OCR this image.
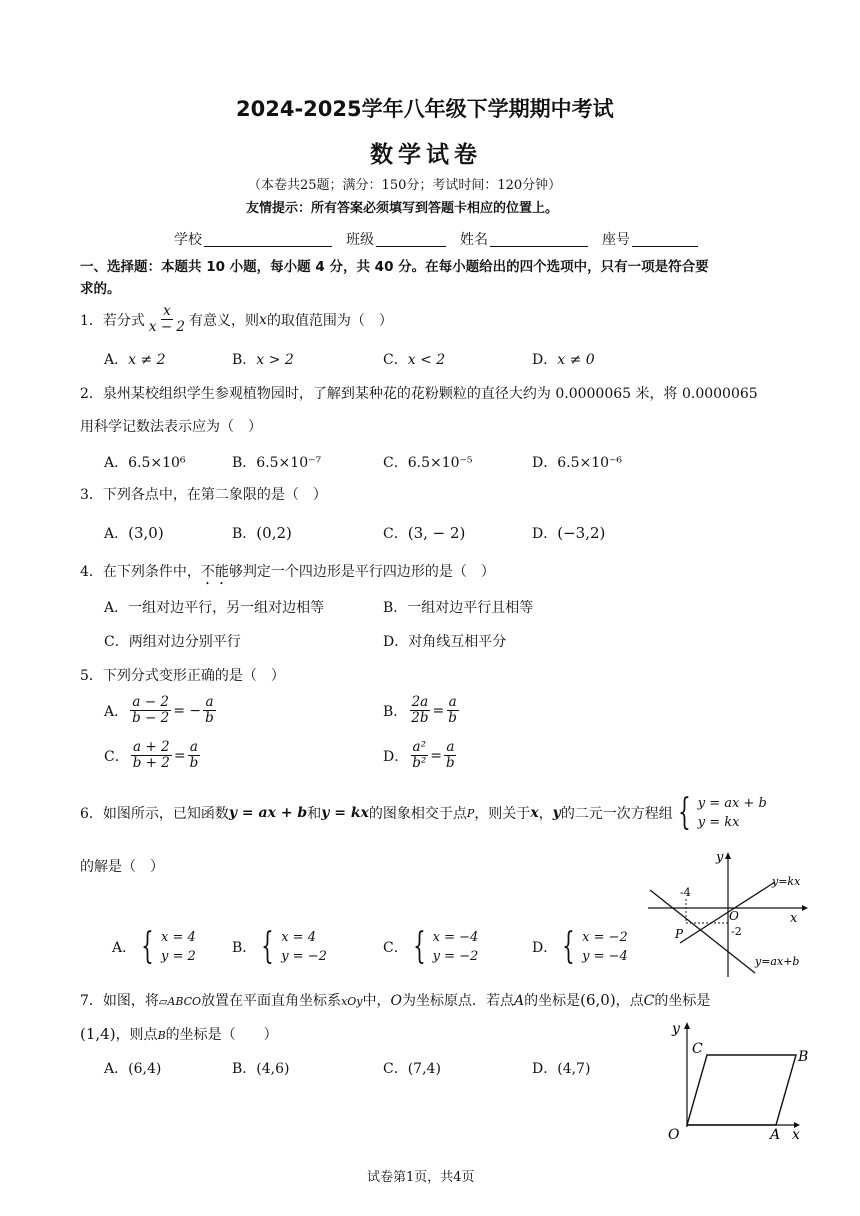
2024-2025学年八年级下学期期中考试
数学试卷
（本卷共25题；满分：150分；考试时间：120分钟）
友情提示：所有答案必须填写到答题卡相应的位置上。
学校	班级	姓名	座号
一、选择题：本题共 10 小题，每小题 4 分，共 40 分。在每小题给出的四个选项中，只有一项是符合要
求的。
1．若分式 $\frac{x}{x - 2}$ 有意义，则 x 的取值范围为（　）
A．x ≠ 2	B．x > 2	C．x < 2	D．x ≠ 0
2．泉州某校组织学生参观植物园时，了解到某种花的花粉颗粒的直径大约为 0.0000065 米，将 0.0000065
用科学记数法表示应为（　）
A．6.5×10⁶	B．6.5×10⁻⁷	C．6.5×10⁻⁵	D．6.5×10⁻⁶
3．下列各点中，在第二象限的是（　）
A．(3,0)	B．(0,2)	C．(3, − 2)	D．(−3,2)
4．在下列条件中，不能够判定一个四边形是平行四边形的是（　）
A．一组对边平行，另一组对边相等	B．一组对边平行且相等
C．两组对边分别平行	D．对角线互相平分
5．下列分式变形正确的是（　）
A． $\frac{a - 2}{b - 2}$ = − $\frac{a}{b}$	B． $\frac{2a}{2b} = \frac{a}{b}$
C． $\frac{a + 2}{b + 2} = \frac{a}{b}$	D． $\frac{\text{a²}}{\text{b²}} = \frac{a}{b}$
6．如图所示，已知函数 y = ax + b 和 y = kx 的图象相交于点 P ，则关于 x ， y 的二元一次方程组 { y = ax + b
y = kx
的解是（　）
A． { x = 4
y = 2
B． { x = 4
y = −2
C． { x = −4
y = −2
D． { x = −2
y = −4
y
x
O
-4
-2
P
y=kx
y=ax+b
7．如图，将▱ABCO放置在平面直角坐标系xOy中，O为坐标原点．若点A的坐标是(6,0)，点C的坐标是
(1,4)，则点B的坐标是（　　）
A．(6,4)	B．(4,6)	C．(7,4)	D．(4,7)
y
x
O	A
B
C
试卷第1页，共4页
